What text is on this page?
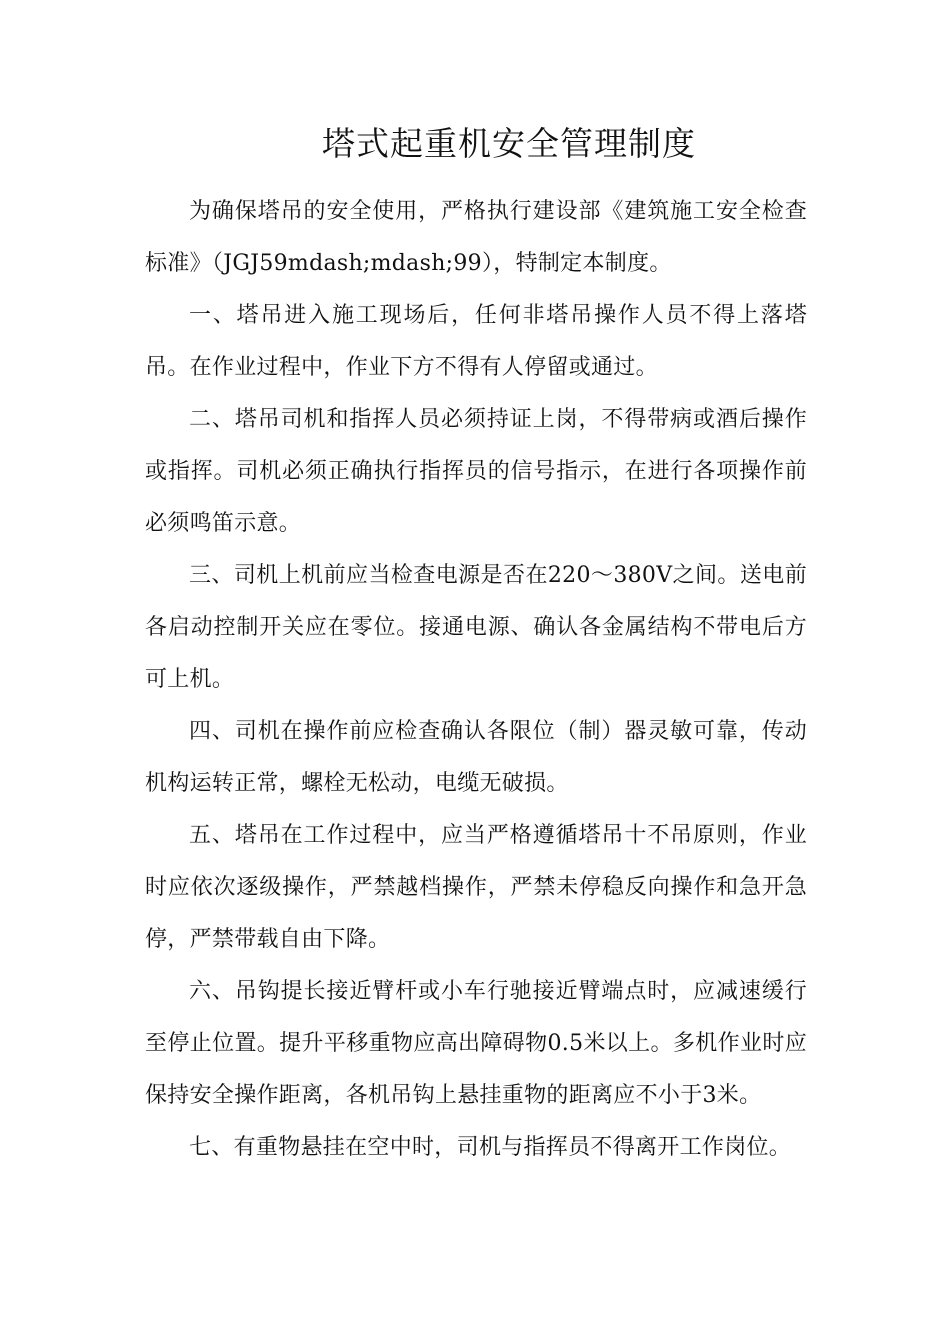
塔式起重机安全管理制度

为确保塔吊的安全使用，严格执行建设部《建筑施工安全检查标准》（JGJ59mdash;mdash;99），特制定本制度。

一、塔吊进入施工现场后，任何非塔吊操作人员不得上落塔吊。在作业过程中，作业下方不得有人停留或通过。

二、塔吊司机和指挥人员必须持证上岗，不得带病或酒后操作或指挥。司机必须正确执行指挥员的信号指示，在进行各项操作前必须鸣笛示意。

三、司机上机前应当检查电源是否在220～380V之间。送电前各启动控制开关应在零位。接通电源、确认各金属结构不带电后方可上机。

四、司机在操作前应检查确认各限位（制）器灵敏可靠，传动机构运转正常，螺栓无松动，电缆无破损。

五、塔吊在工作过程中，应当严格遵循塔吊十不吊原则，作业时应依次逐级操作，严禁越档操作，严禁未停稳反向操作和急开急停，严禁带载自由下降。

六、吊钩提长接近臂杆或小车行驰接近臂端点时，应减速缓行至停止位置。提升平移重物应高出障碍物0.5米以上。多机作业时应保持安全操作距离，各机吊钩上悬挂重物的距离应不小于3米。

七、有重物悬挂在空中时，司机与指挥员不得离开工作岗位。
